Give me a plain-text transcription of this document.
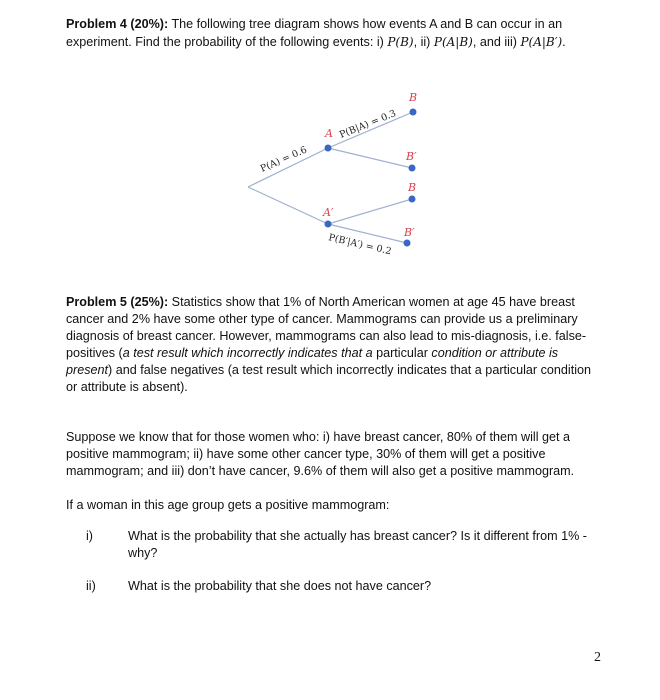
Problem 4 (20%): The following tree diagram shows how events A and B can occur in an
experiment. Find the probability of the following events: i) P(B), ii) P(A|B), and iii) P(A|B′).
A
A′
B
B′
B
B′
P(A) = 0.6
P(B|A) = 0.3
P(B′|A′) = 0.2
Problem 5 (25%): Statistics show that 1% of North American women at age 45 have breast
cancer and 2% have some other type of cancer. Mammograms can provide us a preliminary
diagnosis of breast cancer. However, mammograms can also lead to mis-diagnosis, i.e. false-
positives (a test result which incorrectly indicates that a particular condition or attribute is
present) and false negatives (a test result which incorrectly indicates that a particular condition
or attribute is absent).
Suppose we know that for those women who: i) have breast cancer, 80% of them will get a
positive mammogram; ii) have some other cancer type, 30% of them will get a positive
mammogram; and iii) don’t have cancer, 9.6% of them will also get a positive mammogram.
If a woman in this age group gets a positive mammogram:
i)	What is the probability that she actually has breast cancer? Is it different from 1% -
why?
ii)	What is the probability that she does not have cancer?
2
